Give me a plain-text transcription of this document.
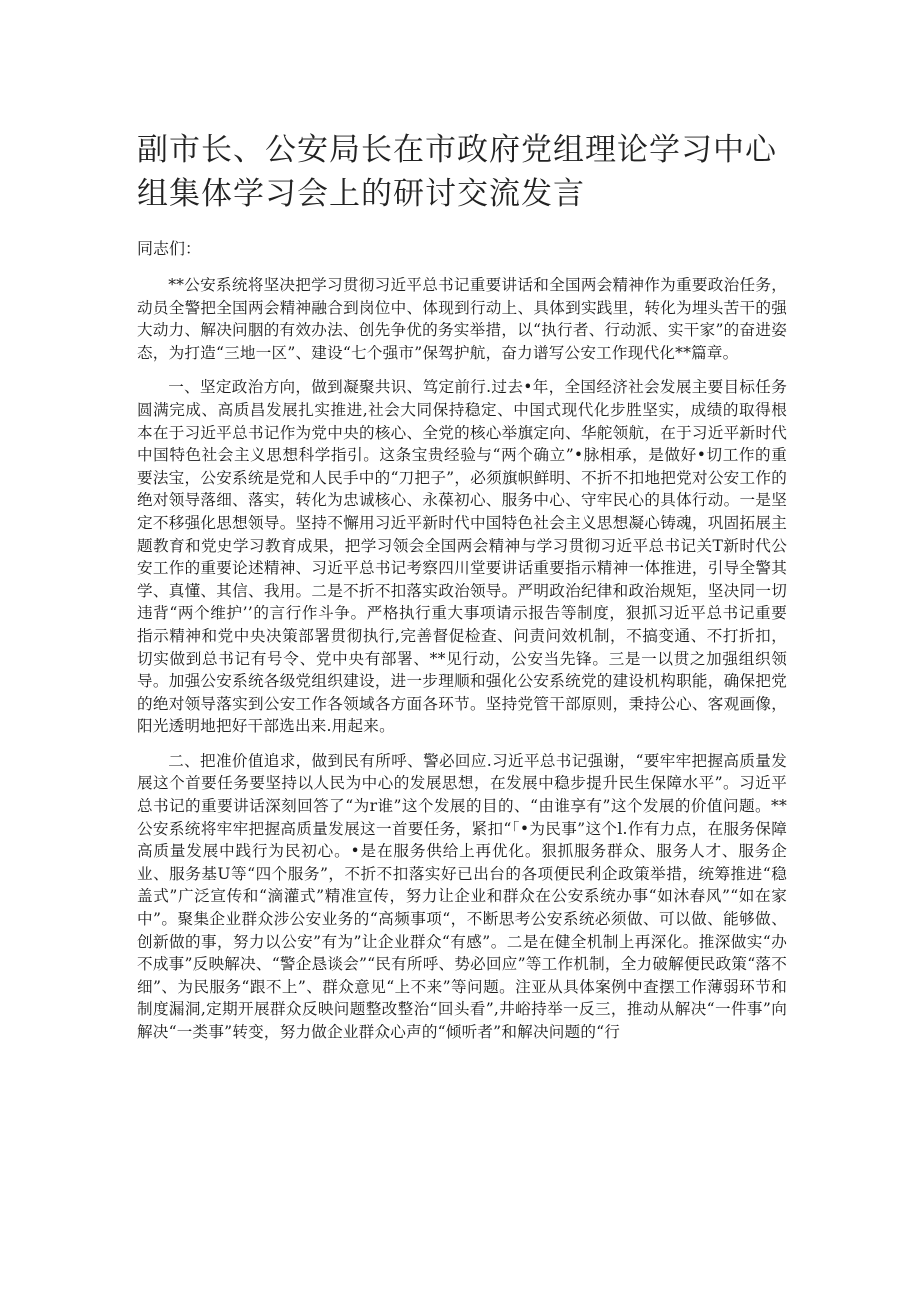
副市长、公安局长在市政府党组理论学习中心组集体学习会上的研讨交流发言

同志们：

**公安系统将坚决把学习贯彻习近平总书记重要讲话和全国两会精神作为重要政治任务，动员全警把全国两会精神融合到岗位中、体现到行动上、具体到实践里，转化为埋头苦干的强大动力、解决问胭的有效办法、创先争优的务实举措，以“执行者、行动派、实干家”的奋进姿态，为打造“三地一区”、建设“七个强市”保驾护航，奋力谱写公安工作现代化**篇章。

一、坚定政治方向，做到凝聚共识、笃定前行.过去•年，全国经济社会发展主要目标任务圆满完成、高质昌发展扎实推进,社会大同保持稳定、中国式现代化步胜坚实，成绩的取得根本在于习近平总书记作为党中央的核心、全党的核心举旗定向、华舵领航，在于习近平新时代中国特色社会主义思想科学指引。这条宝贵经验与“两个确立”•脉相承，是做好•切工作的重要法宝，公安系统是党和人民手中的“刀把子”，必须旗帜鲜明、不折不扣地把党对公安工作的绝对领导落细、落实，转化为忠诚核心、永葆初心、服务中心、守牢民心的具体行动。一是坚定不移强化思想领导。坚持不懈用习近平新时代中国特色社会主义思想凝心铸魂，巩固拓展主题教育和党史学习教育成果，把学习领会全国两会精神与学习贯彻习近平总书记关T新时代公安工作的重要论述精神、习近平总书记考察四川堂要讲话重要指示精神一体推进，引导全警其学、真懂、其信、我用。二是不折不扣落实政治领导。严明政治纪律和政治规矩，坚决同一切违背“两个维护’’的言行作斗争。严格执行重大事项请示报告等制度，狠抓习近平总书记重要指示精神和党中央决策部署贯彻执行,完善督促检查、问责问效机制，不搞变通、不打折扣，切实做到总书记有号令、党中央有部署、**见行动，公安当先锋。三是一以贯之加强组织领导。加强公安系统各级党组织建设，进一步理顺和强化公安系统党的建设机构职能，确保把党的绝对领导落实到公安工作各领域各方面各环节。坚持党管干部原则，秉持公心、客观画像，阳光透明地把好干部选出来.用起来。

二、把准价值追求，做到民有所呼、警必回应.习近平总书记强谢，“要牢牢把握高质量发展这个首要任务要坚持以人民为中心的发展思想，在发展中稳步提升民生保障水平”。习近平总书记的重要讲话深刻回答了“为r谁”这个发展的目的、“由谁享有”这个发展的价值问题。**公安系统将牢牢把握高质量发展这一首要任务，紧扣“「•为民事”这个l.作有力点，在服务保障高质量发展中践行为民初心。•是在服务供给上再优化。狠抓服务群众、服务人才、服务企业、服务基U等“四个服务”，不折不扣落实好已出台的各项便民利企政策举措，统筹推进“稳盖式”广泛宣传和“滴灌式”精准宣传，努力让企业和群众在公安系统办事“如沐春风”“如在家中”。聚集企业群众涉公安业务的“高频事项“，不断思考公安系统必须做、可以做、能够做、创新做的事，努力以公安”有为”让企业群众“有感”。二是在健全机制上再深化。推深做实“办不成事”反映解决、“警企恳谈会”“民有所呼、势必回应”等工作机制，全力破解便民政策“落不细”、为民服务“跟不上”、群众意见“上不来”等问题。注亚从具体案例中査摆工作薄弱环节和制度漏洞,定期开展群众反映问题整改整治“回头看”,井峪持举一反三，推动从解决“一件事”向解决“一类事”转变，努力做企业群众心声的“倾听者”和解决问题的“行
